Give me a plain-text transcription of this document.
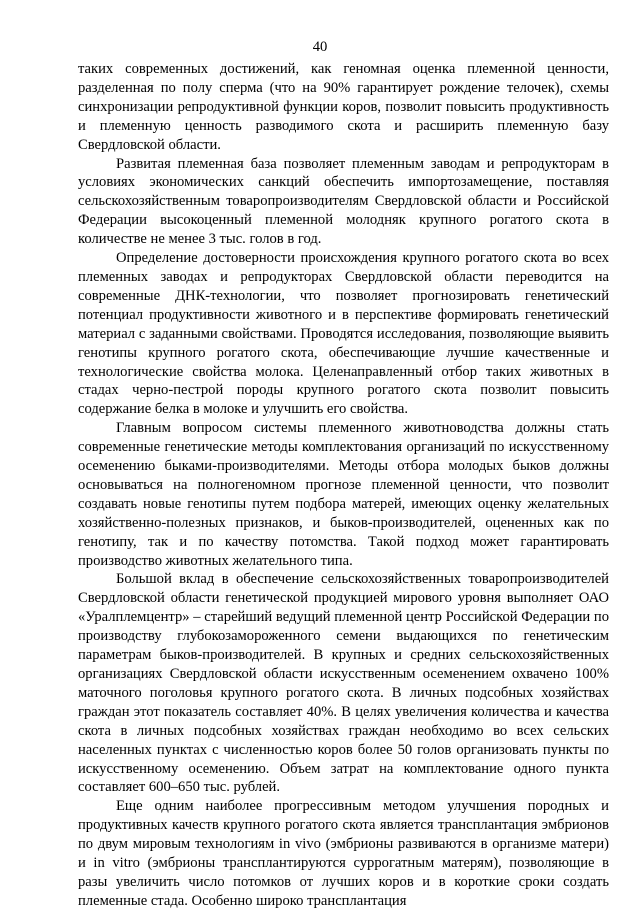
40

таких современных достижений, как геномная оценка племенной ценности, разделенная по полу сперма (что на 90% гарантирует рождение телочек), схемы синхронизации репродуктивной функции коров, позволит повысить продуктивность и племенную ценность разводимого скота и расширить племенную базу Свердловской области.

Развитая племенная база позволяет племенным заводам и репродукторам в условиях экономических санкций обеспечить импортозамещение, поставляя сельскохозяйственным товаропроизводителям Свердловской области и Российской Федерации высокоценный племенной молодняк крупного рогатого скота в количестве не менее 3 тыс. голов в год.

Определение достоверности происхождения крупного рогатого скота во всех племенных заводах и репродукторах Свердловской области переводится на современные ДНК-технологии, что позволяет прогнозировать генетический потенциал продуктивности животного и в перспективе формировать генетический материал с заданными свойствами. Проводятся исследования, позволяющие выявить генотипы крупного рогатого скота, обеспечивающие лучшие качественные и технологические свойства молока. Целенаправленный отбор таких животных в стадах черно-пестрой породы крупного рогатого скота позволит повысить содержание белка в молоке и улучшить его свойства.

Главным вопросом системы племенного животноводства должны стать современные генетические методы комплектования организаций по искусственному осеменению быками-производителями. Методы отбора молодых быков должны основываться на полногеномном прогнозе племенной ценности, что позволит создавать новые генотипы путем подбора матерей, имеющих оценку желательных хозяйственно-полезных признаков, и быков-производителей, оцененных как по генотипу, так и по качеству потомства. Такой подход может гарантировать производство животных желательного типа.

Большой вклад в обеспечение сельскохозяйственных товаропроизводителей Свердловской области генетической продукцией мирового уровня выполняет ОАО «Уралплемцентр» – старейший ведущий племенной центр Российской Федерации по производству глубокозамороженного семени выдающихся по генетическим параметрам быков-производителей. В крупных и средних сельскохозяйственных организациях Свердловской области искусственным осеменением охвачено 100% маточного поголовья крупного рогатого скота. В личных подсобных хозяйствах граждан этот показатель составляет 40%. В целях увеличения количества и качества скота в личных подсобных хозяйствах граждан необходимо во всех сельских населенных пунктах с численностью коров более 50 голов организовать пункты по искусственному осеменению. Объем затрат на комплектование одного пункта составляет 600–650 тыс. рублей.

Еще одним наиболее прогрессивным методом улучшения породных и продуктивных качеств крупного рогатого скота является трансплантация эмбрионов по двум мировым технологиям in vivo (эмбрионы развиваются в организме матери) и in vitro (эмбрионы трансплантируются суррогатным матерям), позволяющие в разы увеличить число потомков от лучших коров и в короткие сроки создать племенные стада. Особенно широко трансплантация
